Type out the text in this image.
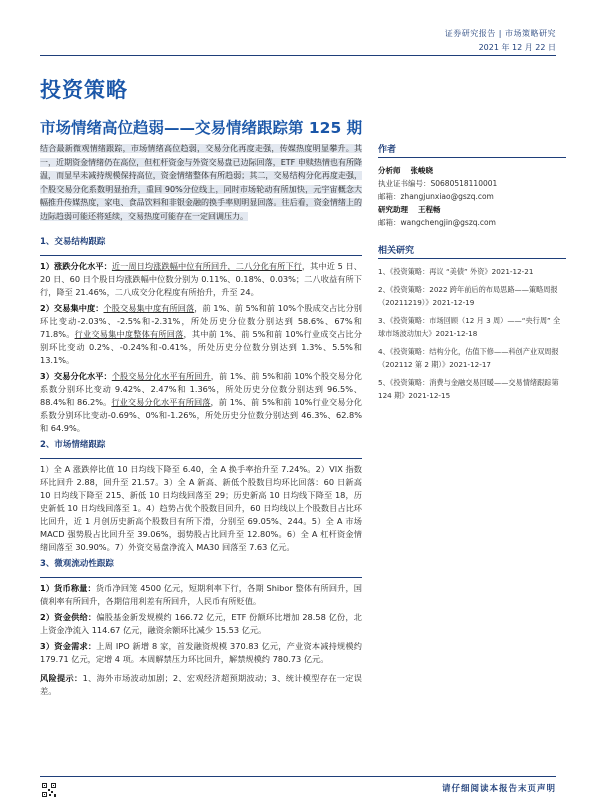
证券研究报告 | 市场策略研究
2021 年 12 月 22 日
投资策略
市场情绪高位趋弱——交易情绪跟踪第 125 期
结合最新微观情绪跟踪，市场情绪高位趋弱，交易分化再度走强，传媒热度明显攀升。其一，近期资金情绪仍在高位，但杠杆资金与外资交易盘已边际回落，ETF 申赎热情也有所降温，而显早未减持规模保持高位，资金情绪整体有所趋弱；其二，交易结构分化再度走强，个股交易分化系数明显抬升，重回 90%分位线上，同时市场轮动有所加快，元宇宙概念大幅推升传媒热度，家电、食品饮料和非银金融的换手率则明显回落。往后看，资金情绪上的边际趋弱可能还将延续，交易热度可能存在一定回调压力。
作者
分析师 张峻晓
执业证书编号：S0680518110001
邮箱：zhangjunxiao@gszq.com
研究助理 王程畅
邮箱：wangchengjin@gszq.com
相关研究
1、《投资策略：再议 “美债” 外资》2021-12-21
2、《投资策略：2022 跨年前后的布局思路——策略周报（20211219）》2021-12-19
3、《投资策略：市场回顾（12 月 3 周）——“央行周” 全球市场波动加大》2021-12-18
4、《投资策略：结构分化，估值下修——科创产业双周报（202112 第 2 期）》2021-12-17
5、《投资策略：消费与金融交易回暖——交易情绪跟踪第 124 期》2021-12-15
1、交易结构跟踪

1）涨跌分化水平：近一周日均涨跌幅中位有所回升，二八分化有所下行，其中近 5 日、20 日、60 日个股日均涨跌幅中位数分别为 0.11%、0.18%、0.03%；二八收益有所下行，降至 21.46%，二八成交分化程度有所抬升，升至 24。

2）交易集中度：个股交易集中度有所回落，前 1%、前 5%和前 10%个股成交占比分别环比变动-2.03%、-2.5%和-2.31%，所处历史分位数分别达到 58.6%、67%和 71.8%。行业交易集中度整体有所回落，其中前 1%、前 5%和前 10%行业成交占比分别环比变动 0.2%、-0.24%和-0.41%，所处历史分位数分别达到 1.3%、5.5%和 13.1%。

3）交易分化水平：个股交易分化水平有所回升，前 1%、前 5%和前 10%个股交易分化系数分别环比变动 9.42%、2.47%和 1.36%，所处历史分位数分别达到 96.5%、88.4%和 86.2%。行业交易分化水平有所回落，前 1%、前 5%和前 10%行业交易分化系数分别环比变动-0.69%、0%和-1.26%，所处历史分位数分别达到 46.3%、62.8%和 64.9%。

2、市场情绪跟踪

1）全 A 涨跌停比值 10 日均线下降至 6.40，全 A 换手率抬升至 7.24%。2）VIX 指数环比回升 2.88，回升至 21.57。3）全 A 新高、新低个股数目均环比回落：60 日新高 10 日均线下降至 215、新低 10 日均线回落至 29；历史新高 10 日均线下降至 18，历史新低 10 日均线回落至 1。4）趋势占优个股数目回升，60 日均线以上个股数目占比环比回升，近 1 月创历史新高个股数目有所下滑，分别至 69.05%、244。5）全 A 市场 MACD 强势股占比回升至 39.06%，弱势股占比回升至 12.80%。6）全 A 杠杆资金情绪回落至 30.90%。7）外资交易盘净流入 MA30 回落至 7.63 亿元。

3、微观流动性跟踪

1）货币称量：货币净回笼 4500 亿元，短期利率下行，各期 Shibor 整体有所回升，国债利率有所回升，各期信用利差有所回升，人民币有所贬值。

2）资金供给：偏股基金新发规模约 166.72 亿元，ETF 份额环比增加 28.58 亿份，北上资金净流入 114.67 亿元，融资余额环比减少 15.53 亿元。

3）资金需求：上周 IPO 新增 8 家，首发融资规模 370.83 亿元，产业资本减持规模约 179.71 亿元，定增 4 项。本周解禁压力环比回升，解禁规模约 780.73 亿元。

风险提示：1、海外市场波动加剧；2、宏观经济超预期波动；3、统计模型存在一定误差。

请仔细阅读本报告末页声明
